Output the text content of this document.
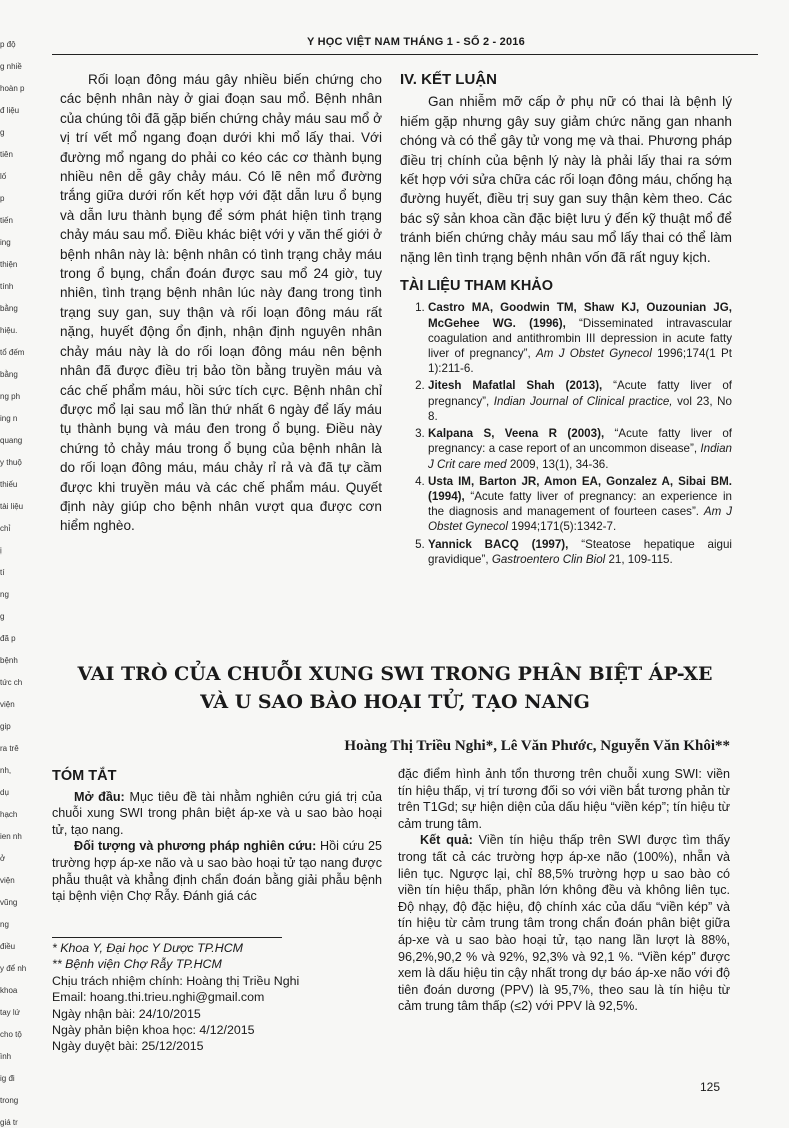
Y HỌC VIỆT NAM THÁNG 1 - SỐ 2 - 2016
p độ
g nhiề
hoàn p
đ liệu
g
tiên
lố
p
tiến
ing
thiện
tính
bằng
hiệu.
tổ đếm
bằng
ng ph
ing n
quang
y thuộ
thiếu
tài liệu
chỉ
ị
tí
ng
g
đã p
bệnh
tức ch
viện
gip
ra trê
nh,
dụ
hạch
ien nh
ở
viện
vũng
ng
điều
y để nh
khoa
tay lứ
cho tộ
ình
ig đi
trong
giá tr

Rối loạn đông máu gây nhiều biến chứng cho các bệnh nhân này ở giai đoạn sau mổ. Bệnh nhân của chúng tôi đã gặp biến chứng chảy máu sau mổ ở vị trí vết mổ ngang đoạn dưới khi mổ lấy thai. Với đường mổ ngang do phải co kéo các cơ thành bụng nhiều nên dễ gây chảy máu. Có lẽ nên mổ đường trắng giữa dưới rốn kết hợp với đặt dẫn lưu ổ bụng và dẫn lưu thành bụng để sớm phát hiện tình trạng chảy máu sau mổ. Điều khác biệt với y văn thế giới ở bệnh nhân này là: bệnh nhân có tình trạng chảy máu trong ổ bụng, chẩn đoán được sau mổ 24 giờ, tuy nhiên, tình trạng bệnh nhân lúc này đang trong tình trạng suy gan, suy thận và rối loạn đông máu rất nặng, huyết động ổn định, nhận định nguyên nhân chảy máu này là do rối loạn đông máu nên bệnh nhân đã được điều trị bảo tồn bằng truyền máu và các chế phẩm máu, hồi sức tích cực. Bệnh nhân chỉ được mổ lại sau mổ lần thứ nhất 6 ngày để lấy máu tụ thành bụng và máu đen trong ổ bụng. Điều này chứng tỏ chảy máu trong ổ bụng của bệnh nhân là do rối loạn đông máu, máu chảy rỉ rả và đã tự cầm được khi truyền máu và các chế phẩm máu. Quyết định này giúp cho bệnh nhân vượt qua được cơn hiểm nghèo.

IV. KẾT LUẬN

Gan nhiễm mỡ cấp ở phụ nữ có thai là bệnh lý hiếm gặp nhưng gây suy giảm chức năng gan nhanh chóng và có thể gây tử vong mẹ và thai. Phương pháp điều trị chính của bệnh lý này là phải lấy thai ra sớm kết hợp với sửa chữa các rối loạn đông máu, chống hạ đường huyết, điều trị suy gan suy thận kèm theo. Các bác sỹ sản khoa cần đặc biệt lưu ý đến kỹ thuật mổ để tránh biến chứng chảy máu sau mổ lấy thai có thể làm nặng lên tình trạng bệnh nhân vốn đã rất nguy kịch.

TÀI LIỆU THAM KHẢO
1. Castro MA, Goodwin TM, Shaw KJ, Ouzounian JG, McGehee WG. (1996), “Disseminated intravascular coagulation and antithrombin III depression in acute fatty liver of pregnancy”, Am J Obstet Gynecol 1996;174(1 Pt 1):211-6.
2. Jitesh Mafatlal Shah (2013), “Acute fatty liver of pregnancy”, Indian Journal of Clinical practice, vol 23, No 8.
3. Kalpana S, Veena R (2003), “Acute fatty liver of pregnancy: a case report of an uncommon disease”, Indian J Crit care med 2009, 13(1), 34-36.
4. Usta IM, Barton JR, Amon EA, Gonzalez A, Sibai BM. (1994), “Acute fatty liver of pregnancy: an experience in the diagnosis and management of fourteen cases”. Am J Obstet Gynecol 1994;171(5):1342-7.
5. Yannick BACQ (1997), “Steatose hepatique aigui gravidique”, Gastroentero Clin Biol 21, 109-115.
VAI TRÒ CỦA CHUỖI XUNG SWI TRONG PHÂN BIỆT ÁP-XE
VÀ U SAO BÀO HOẠI TỬ, TẠO NANG
Hoàng Thị Triều Nghi*, Lê Văn Phước, Nguyễn Văn Khôi**
TÓM TẮT

Mở đầu: Mục tiêu đề tài nhằm nghiên cứu giá trị của chuỗi xung SWI trong phân biệt áp-xe và u sao bào hoại tử, tạo nang.

Đối tượng và phương pháp nghiên cứu: Hồi cứu 25 trường hợp áp-xe não và u sao bào hoại tử tạo nang được phẫu thuật và khẳng định chẩn đoán bằng giải phẫu bệnh tại bệnh viện Chợ Rẫy. Đánh giá các

đặc điểm hình ảnh tổn thương trên chuỗi xung SWI: viền tín hiệu thấp, vị trí tương đối so với viền bắt tương phản từ trên T1Gd; sự hiện diện của dấu hiệu “viền kép”; tín hiệu từ cảm trung tâm.

Kết quả: Viền tín hiệu thấp trên SWI được tìm thấy trong tất cả các trường hợp áp-xe não (100%), nhẵn và liên tục. Ngược lại, chỉ 88,5% trường hợp u sao bào có viền tín hiệu thấp, phần lớn không đều và không liên tục. Độ nhạy, độ đặc hiệu, độ chính xác của dấu “viền kép” và tín hiệu từ cảm trung tâm trong chẩn đoán phân biệt giữa áp-xe và u sao bào hoại tử, tạo nang lần lượt là 88%, 96,2%,90,2 % và 92%, 92,3% và 92,1 %. “Viền kép” được xem là dấu hiệu tin cậy nhất trong dự báo áp-xe não với độ tiên đoán dương (PPV) là 95,7%, theo sau là tín hiệu từ cảm trung tâm thấp (≤2) với PPV là 92,5%.

* Khoa Y, Đại học Y Dược TP.HCM
** Bệnh viện Chợ Rẫy TP.HCM
Chịu trách nhiệm chính: Hoàng thị Triều Nghi
Email: hoang.thi.trieu.nghi@gmail.com
Ngày nhận bài: 24/10/2015
Ngày phản biện khoa học: 4/12/2015
Ngày duyệt bài: 25/12/2015
125
